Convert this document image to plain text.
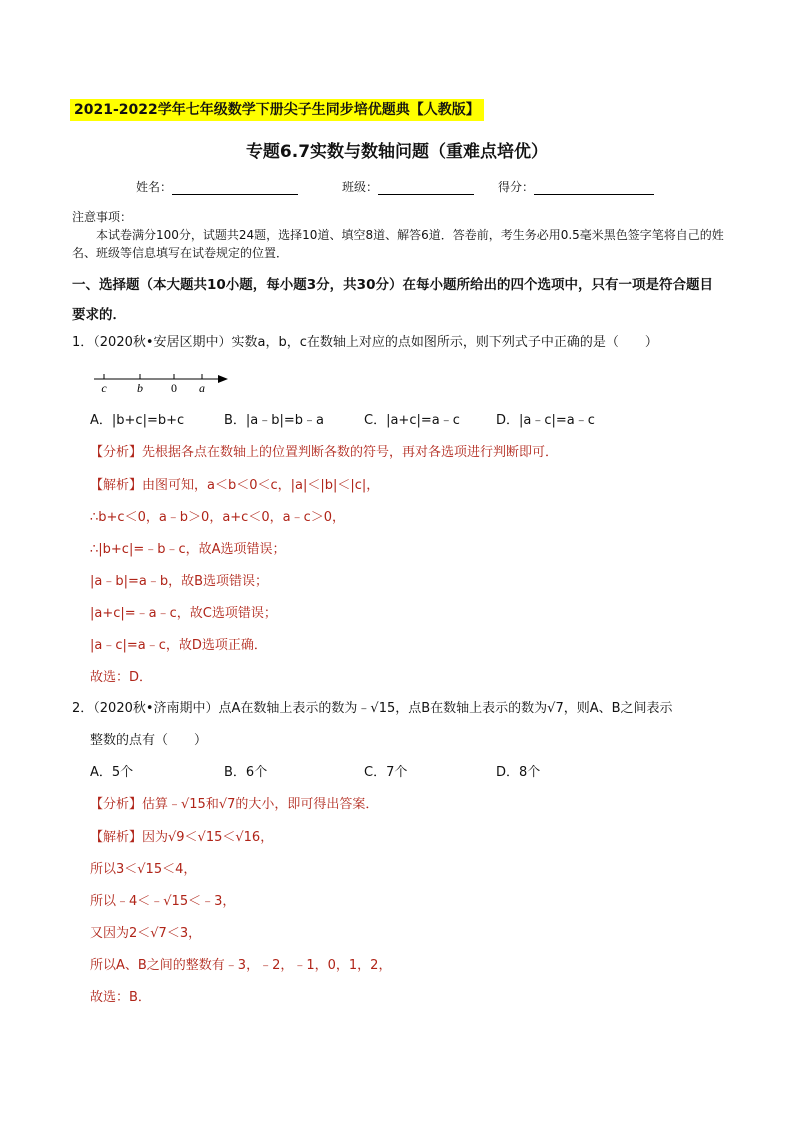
2021-2022学年七年级数学下册尖子生同步培优题典【人教版】
专题6.7实数与数轴问题（重难点培优）
姓名：	班级：	得分：
注意事项：
本试卷满分100分，试题共24题，选择10道、填空8道、解答6道．答卷前，考生务必用0.5毫米黑色签字笔将自己的姓名、班级等信息填写在试卷规定的位置．
一、选择题（本大题共10小题，每小题3分，共30分）在每小题所给出的四个选项中，只有一项是符合题目要求的．
1．（2020秋•安居区期中）实数a，b，c在数轴上对应的点如图所示，则下列式子中正确的是（　　）
c	b 0 a
A．|b+c|=b+c	B．|a﹣b|=b﹣a	C．|a+c|=a﹣c	D．|a﹣c|=a﹣c
【分析】先根据各点在数轴上的位置判断各数的符号，再对各选项进行判断即可．
【解析】由图可知，a＜b＜0＜c，|a|＜|b|＜|c|，
∴b+c＜0，a﹣b＞0，a+c＜0，a﹣c＞0，
∴|b+c|=﹣b﹣c，故A选项错误；
|a﹣b|=a﹣b，故B选项错误；
|a+c|=﹣a﹣c，故C选项错误；
|a﹣c|=a﹣c，故D选项正确．
故选：D．
2．（2020秋•济南期中）点A在数轴上表示的数为﹣√15，点B在数轴上表示的数为√7，则A、B之间表示
整数的点有（　　）
A．5个	B．6个	C．7个	D．8个
【分析】估算﹣√15和√7的大小，即可得出答案．
【解析】因为√9＜√15＜√16，
所以3＜√15＜4，
所以﹣4＜﹣√15＜﹣3，
又因为2＜√7＜3，
所以A、B之间的整数有﹣3，﹣2，﹣1，0，1，2，
故选：B．
